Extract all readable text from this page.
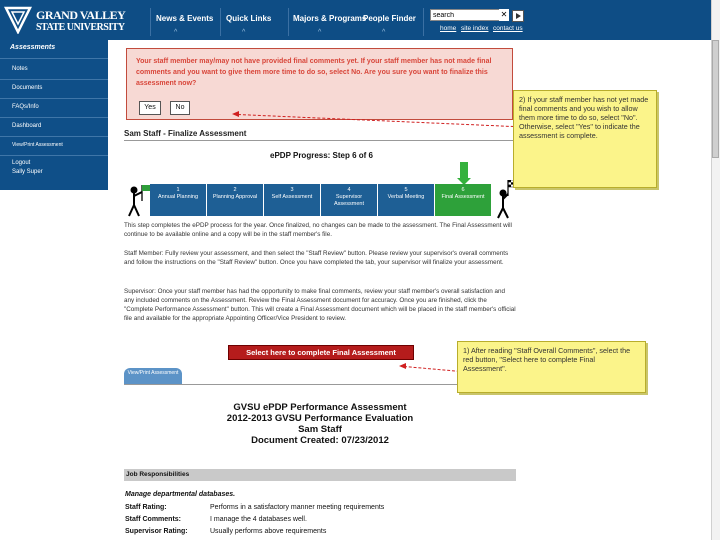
GRAND VALLEY
STATE UNIVERSITY
News & Events
^
Quick Links
^
Majors & Programs
^
People Finder
^
search
✕
home site index contact us
Assessments
Notes
Documents
FAQs/Info
Dashboard
View/Print Assessment
Logout
Sally Super
Your staff member may/may not have provided final comments yet. If your staff member has not made final comments and you want to give them more time to do so, select No. Are you sure you want to finalize this assessment now?
Yes	No
Sam Staff - Finalize Assessment
ePDP Progress: Step 6 of 6
1
Annual Planning
2
Planning Approval
3
Self Assessment
4
Supervisor Assessment
5
Verbal Meeting
6
Final Assessment
This step completes the ePDP process for the year. Once finalized, no changes can be made to the assessment. The Final Assessment will continue to be available online and a copy will be in the staff member's file.
Staff Member: Fully review your assessment, and then select the "Staff Review" button. Please review your supervisor's overall comments and follow the instructions on the "Staff Review" button. Once you have completed the tab, your supervisor will finalize your assessment.
Supervisor: Once your staff member has had the opportunity to make final comments, review your staff member's overall satisfaction and any included comments on the Assessment. Review the Final Assessment document for accuracy. Once you are finished, click the "Complete Performance Assessment" button. This will create a Final Assessment document which will be placed in the staff member's official file and available for the appropriate Appointing Officer/Vice President to review.
Select here to complete Final Assessment
View/Print Assessment
GVSU ePDP Performance Assessment
2012-2013 GVSU Performance Evaluation
Sam Staff
Document Created: 07/23/2012
Job Responsibilities
Manage departmental databases.
Staff Rating:	Performs in a satisfactory manner meeting requirements
Staff Comments:	I manage the 4 databases well.
Supervisor Rating:	Usually performs above requirements
2) If your staff member has not yet made final comments and you wish to allow them more time to do so, select "No". Otherwise, select "Yes" to indicate the assessment is complete.
1) After reading "Staff Overall Comments", select the red button, "Select here to complete Final Assessment".
